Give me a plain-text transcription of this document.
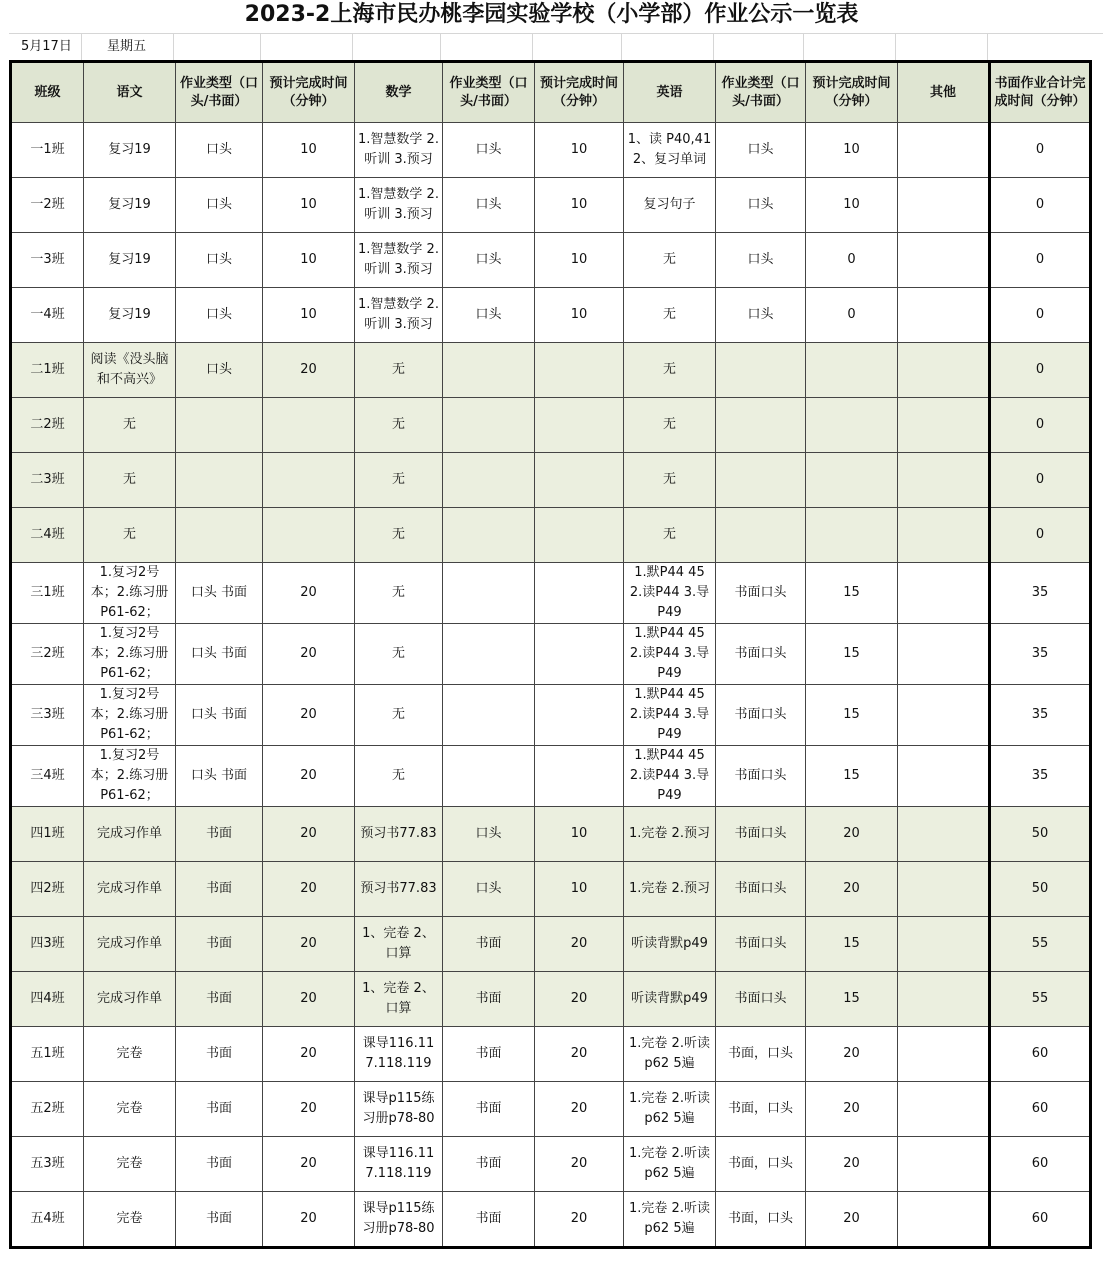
2023-2上海市民办桃李园实验学校（小学部）作业公示一览表
5月17日	星期五
班级	语文	作业类型（口头/书面）	预计完成时间（分钟）	数学	作业类型（口头/书面）	预计完成时间（分钟）	英语	作业类型（口头/书面）	预计完成时间（分钟）	其他	书面作业合计完成时间（分钟）

一1班	复习19	口头	10	1.智慧数学 2.听训 3.预习	口头	10	1、读 P40,41 2、复习单词	口头	10		0

一2班	复习19	口头	10	1.智慧数学 2.听训 3.预习	口头	10	复习句子	口头	10		0

一3班	复习19	口头	10	1.智慧数学 2.听训 3.预习	口头	10	无	口头	0		0

一4班	复习19	口头	10	1.智慧数学 2.听训 3.预习	口头	10	无	口头	0		0

二1班	阅读《没头脑和不高兴》	口头	20	无			无				0

二2班	无			无			无				0

二3班	无			无			无				0

二4班	无			无			无				0

三1班	1.复习2号本；2.练习册P61-62；	口头 书面	20	无			1.默P44 45 2.读P44 3.导P49	书面口头	15		35

三2班	1.复习2号本；2.练习册P61-62；	口头 书面	20	无			1.默P44 45 2.读P44 3.导P49	书面口头	15		35

三3班	1.复习2号本；2.练习册P61-62；	口头 书面	20	无			1.默P44 45 2.读P44 3.导P49	书面口头	15		35

三4班	1.复习2号本；2.练习册P61-62；	口头 书面	20	无			1.默P44 45 2.读P44 3.导P49	书面口头	15		35

四1班	完成习作单	书面	20	预习书77.83	口头	10	1.完卷 2.预习	书面口头	20		50

四2班	完成习作单	书面	20	预习书77.83	口头	10	1.完卷 2.预习	书面口头	20		50

四3班	完成习作单	书面	20	1、完卷 2、口算	书面	20	听读背默p49	书面口头	15		55

四4班	完成习作单	书面	20	1、完卷 2、口算	书面	20	听读背默p49	书面口头	15		55

五1班	完卷	书面	20	课导116.117.118.119	书面	20	1.完卷 2.听读p62 5遍	书面，口头	20		60

五2班	完卷	书面	20	课导p115练习册p78-80	书面	20	1.完卷 2.听读p62 5遍	书面，口头	20		60

五3班	完卷	书面	20	课导116.117.118.119	书面	20	1.完卷 2.听读p62 5遍	书面，口头	20		60

五4班	完卷	书面	20	课导p115练习册p78-80	书面	20	1.完卷 2.听读p62 5遍	书面，口头	20		60
